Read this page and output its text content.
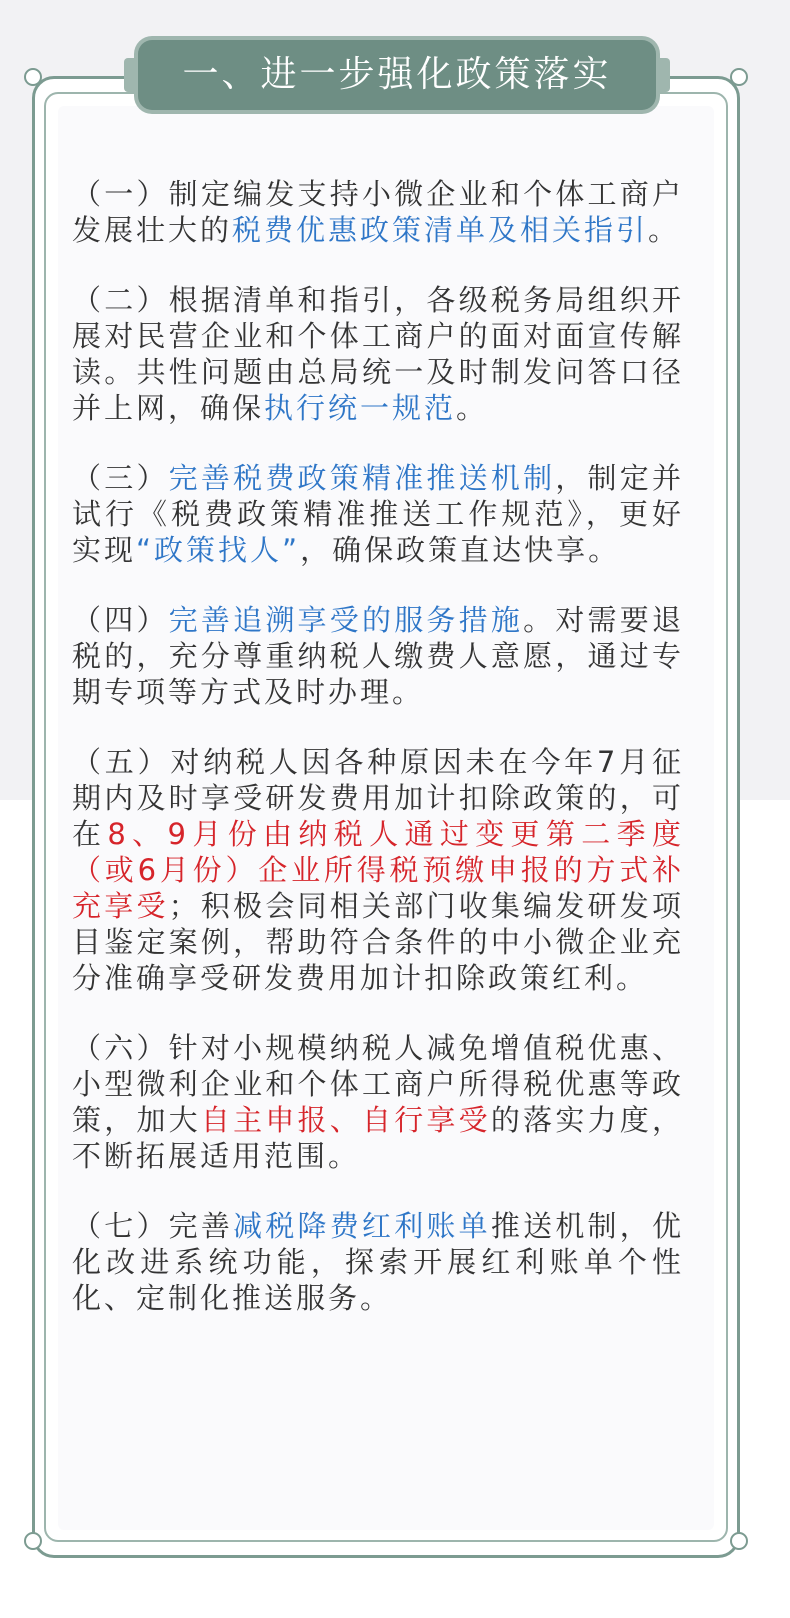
一、进一步强化政策落实

（一）制定编发支持小微企业和个体工商户发展壮大的税费优惠政策清单及相关指引。

（二）根据清单和指引，各级税务局组织开展对民营企业和个体工商户的面对面宣传解读。共性问题由总局统一及时制发问答口径并上网，确保执行统一规范。

（三）完善税费政策精准推送机制，制定并试行《税费政策精准推送工作规范》，更好实现“政策找人”，确保政策直达快享。

（四）完善追溯享受的服务措施。对需要退税的，充分尊重纳税人缴费人意愿，通过专期专项等方式及时办理。

（五）对纳税人因各种原因未在今年7月征期内及时享受研发费用加计扣除政策的，可在8、9月份由纳税人通过变更第二季度（或6月份）企业所得税预缴申报的方式补充享受；积极会同相关部门收集编发研发项目鉴定案例，帮助符合条件的中小微企业充分准确享受研发费用加计扣除政策红利。

（六）针对小规模纳税人减免增值税优惠、小型微利企业和个体工商户所得税优惠等政策，加大自主申报、自行享受的落实力度，不断拓展适用范围。

（七）完善减税降费红利账单推送机制，优化改进系统功能，探索开展红利账单个性化、定制化推送服务。
